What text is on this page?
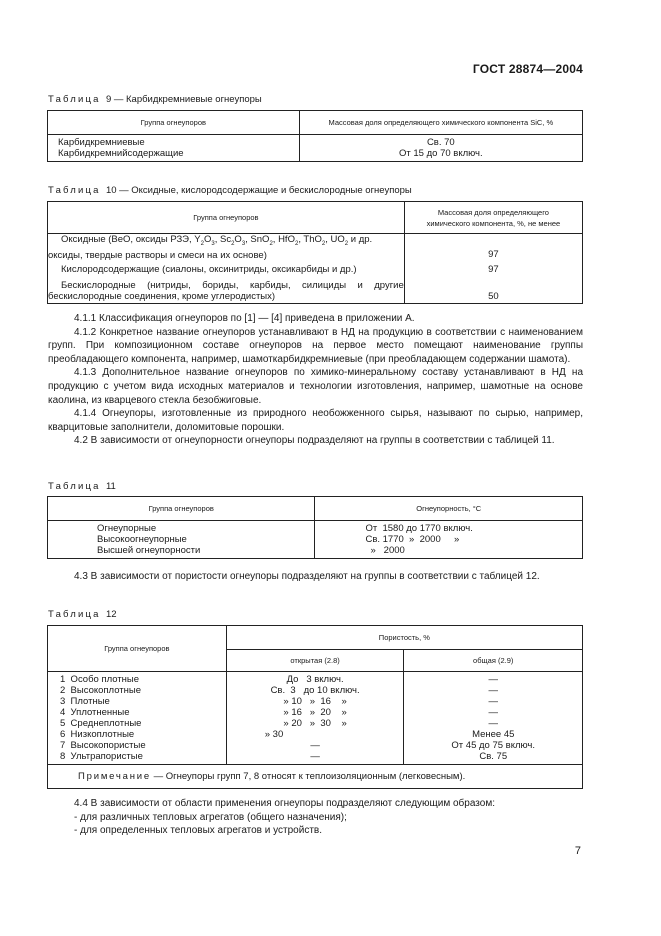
ГОСТ 28874—2004
Таблица 9 — Карбидкремниевые огнеупоры
Группа огнеупоров	Массовая доля определяющего химического компонента SiC, %
Карбидкремниевые	Св. 70
Карбидкремнийсодержащие	От 15 до 70 включ.
Таблица 10 — Оксидные, кислородсодержащие и бескислородные огнеупоры
Группа огнеупоров	Массовая доля определяющего
химического компонента, %, не менее

Оксидные (BeO, оксиды РЗЭ, $Y_2O_3$, $Sc_2O_3$, SnO$_2$, HfO$_2$, ThO$_2$, $UO_2$ и др.
оксиды, твердые растворы и смеси на их основе)	97
Кислородсодержащие (сиалоны, оксинитриды, оксикарбиды и др.)	97

Бескислородные (нитриды, бориды, карбиды, силициды и другие
бескислородные соединения, кроме углеродистых)	50
4.1.1 Классификация огнеупоров по [1] — [4] приведена в приложении А.
4.1.2 Конкретное название огнеупоров устанавливают в НД на продукцию в соответствии с наименованием групп. При композиционном составе огнеупоров на первое место помещают наименование группы преобладающего компонента, например, шамоткарбидкремниевые (при преобладающем содержании шамота).
4.1.3 Дополнительное название огнеупоров по химико-минеральному составу устанавливают в НД на продукцию с учетом вида исходных материалов и технологии изготовления, например, шамотные на основе каолина, из кварцевого стекла безобжиговые.
4.1.4 Огнеупоры, изготовленные из природного необожженного сырья, называют по сырью, например, кварцитовые заполнители, доломитовые порошки.
4.2 В зависимости от огнеупорности огнеупоры подразделяют на группы в соответствии с таблицей 11.
Таблица 11
Группа огнеупоров	Огнеупорность, °С
Огнеупорные	От  1580 до 1770 включ.
Высокоогнеупорные	Св. 1770  »  2000     »
Высшей огнеупорности	»   2000
4.3 В зависимости от пористости огнеупоры подразделяют на группы в соответствии с таблицей 12.
Таблица 12
Группа огнеупоров	Пористость, %	
	открытая (2.8)	общая (2.9)
1  Особо плотные	До   3 включ.	—
2  Высокоплотные	Св.  3   до 10 включ.	—
3  Плотные	» 10   »  16    »	—
4  Уплотненные	» 16   »  20    »	—
5  Среднеплотные	» 20   »  30    »	—
6  Низкоплотные	» 30	Менее 45
7  Высокопористые	—	От 45 до 75 включ.
8  Ультрапористые	—	Св. 75
Примечание — Огнеупоры групп 7, 8 относят к теплоизоляционным (легковесным).		
4.4 В зависимости от области применения огнеупоры подразделяют следующим образом:
- для различных тепловых агрегатов (общего назначения);
- для определенных тепловых агрегатов и устройств.
7
